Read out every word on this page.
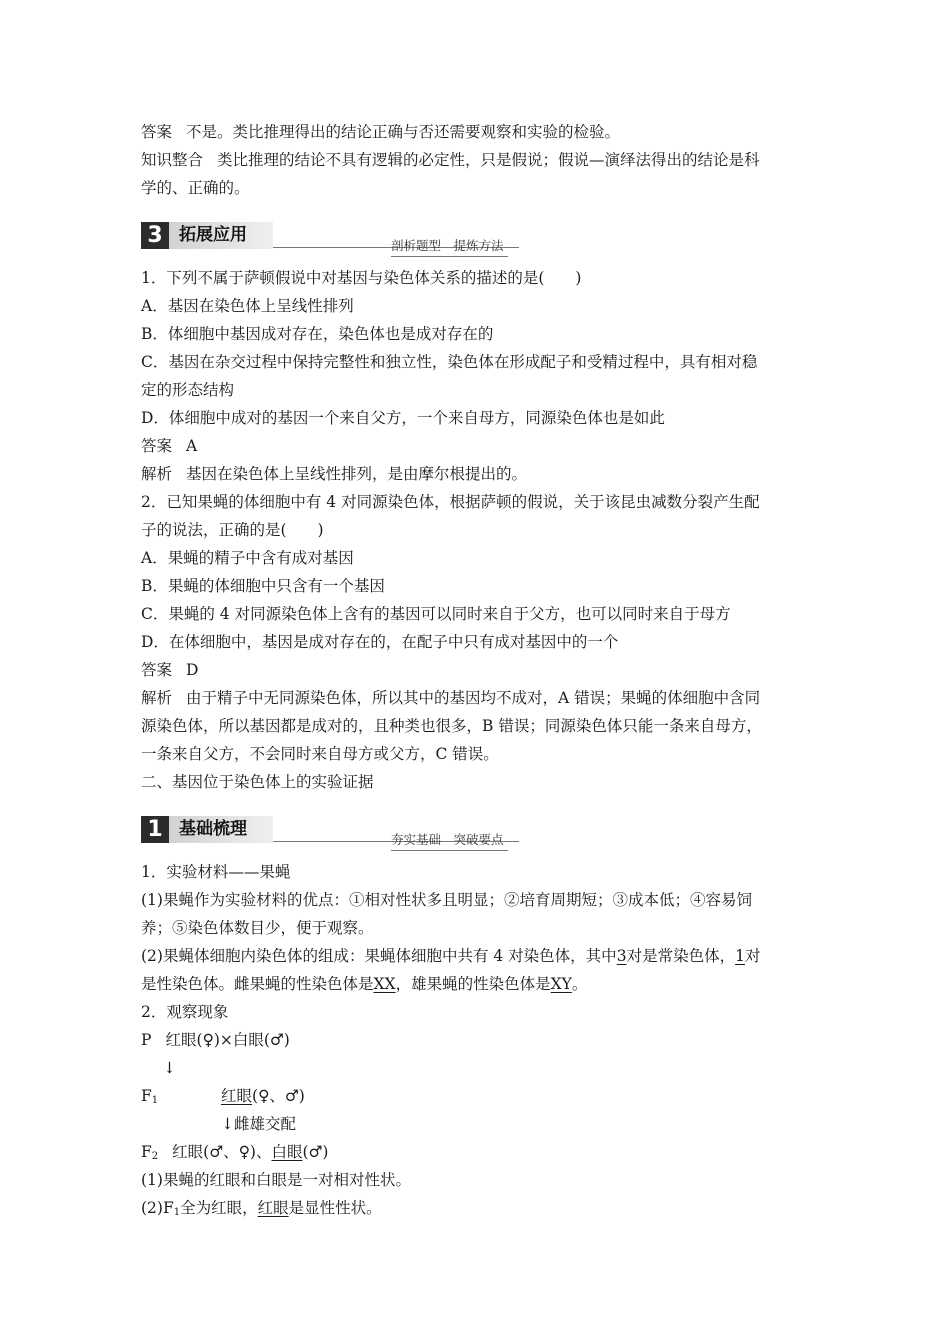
答案 不是。类比推理得出的结论正确与否还需要观察和实验的检验。
知识整合 类比推理的结论不具有逻辑的必定性，只是假说；假说—演绎法得出的结论是科
学的、正确的。
3 拓展应用
剖析题型　提炼方法
1．下列不属于萨顿假说中对基因与染色体关系的描述的是(　　)
A．基因在染色体上呈线性排列
B．体细胞中基因成对存在，染色体也是成对存在的
C．基因在杂交过程中保持完整性和独立性，染色体在形成配子和受精过程中，具有相对稳
定的形态结构
D．体细胞中成对的基因一个来自父方，一个来自母方，同源染色体也是如此
答案 A
解析 基因在染色体上呈线性排列，是由摩尔根提出的。
2．已知果蝇的体细胞中有 4 对同源染色体，根据萨顿的假说，关于该昆虫减数分裂产生配
子的说法，正确的是(　　)
A．果蝇的精子中含有成对基因
B．果蝇的体细胞中只含有一个基因
C．果蝇的 4 对同源染色体上含有的基因可以同时来自于父方，也可以同时来自于母方
D．在体细胞中，基因是成对存在的，在配子中只有成对基因中的一个
答案 D
解析 由于精子中无同源染色体，所以其中的基因均不成对，A 错误；果蝇的体细胞中含同
源染色体，所以基因都是成对的，且种类也很多，B 错误；同源染色体只能一条来自母方，
一条来自父方，不会同时来自母方或父方，C 错误。
二、基因位于染色体上的实验证据
1 基础梳理
夯实基础　突破要点
1．实验材料——果蝇
(1)果蝇作为实验材料的优点：①相对性状多且明显；②培育周期短；③成本低；④容易饲
养；⑤染色体数目少，便于观察。
(2)果蝇体细胞内染色体的组成：果蝇体细胞中共有 4 对染色体，其中3对是常染色体，1对
是性染色体。雌果蝇的性染色体是XX，雄果蝇的性染色体是XY。
2．观察现象
P 红眼(♀)×白眼(♂)
↓
$F_1$	红眼(♀、♂)
↓雌雄交配
$F_2$ 红眼(♂、♀)、白眼(♂)
(1)果蝇的红眼和白眼是一对相对性状。
$(2)F_1$全为红眼，红眼是显性性状。
